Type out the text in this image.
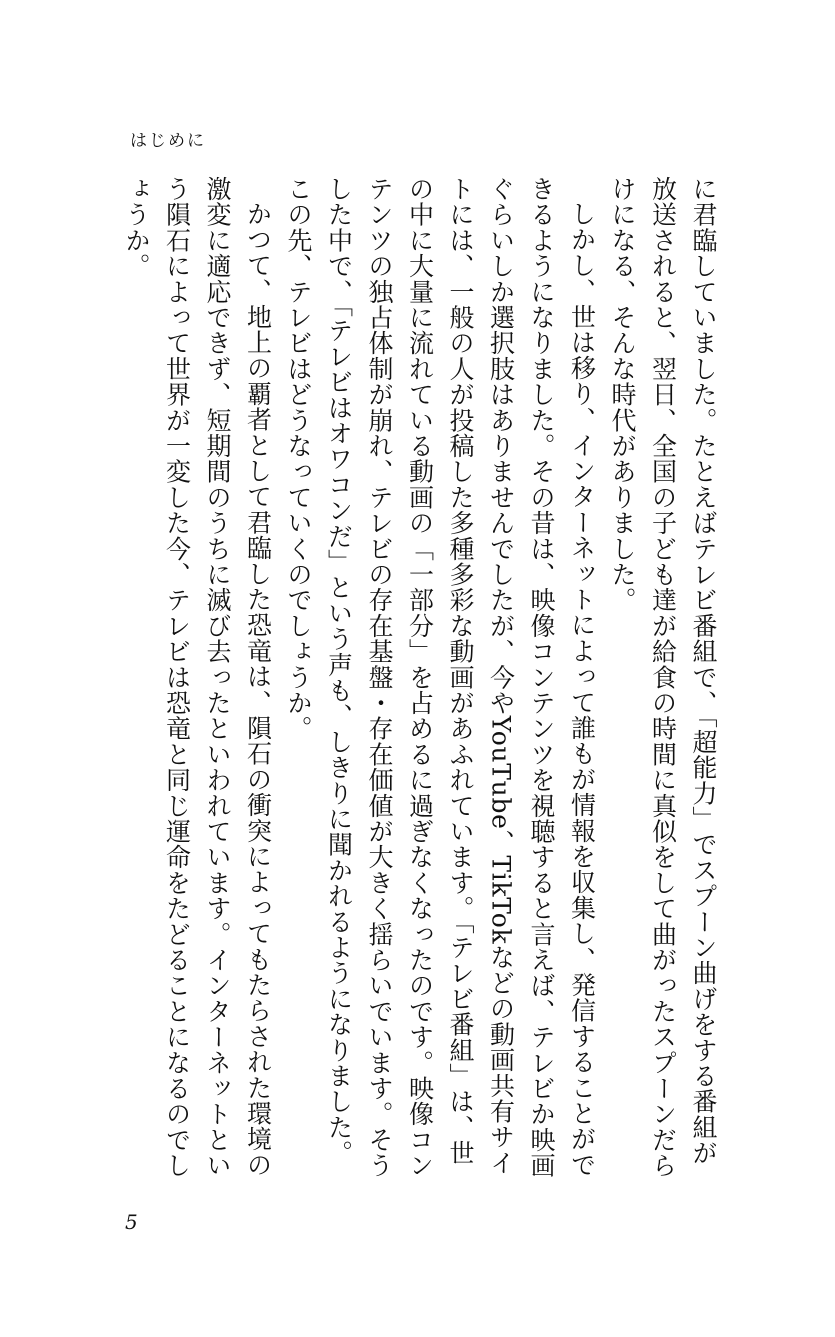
はじめに

に君臨していました。たとえばテレビ番組で、「超能力」でスプーン曲げをする番組が放送されると、翌日、全国の子ども達が給食の時間に真似をして曲がったスプーンだらけになる、そんな時代がありました。

しかし、世は移り、インターネットによって誰もが情報を収集し、発信することができるようになりました。その昔は、映像コンテンツを視聴すると言えば、テレビか映画ぐらいしか選択肢はありませんでしたが、今やYouTube、TikTokなどの動画共有サイトには、一般の人が投稿した多種多彩な動画があふれています。「テレビ番組」は、世の中に大量に流れている動画の「一部分」を占めるに過ぎなくなったのです。映像コンテンツの独占体制が崩れ、テレビの存在基盤・存在価値が大きく揺らいでいます。そうした中で、「テレビはオワコンだ」という声も、しきりに聞かれるようになりました。この先、テレビはどうなっていくのでしょうか。

かつて、地上の覇者として君臨した恐竜は、隕石の衝突によってもたらされた環境の激変に適応できず、短期間のうちに滅び去ったといわれています。インターネットという隕石によって世界が一変した今、テレビは恐竜と同じ運命をたどることになるのでしょうか。

5
